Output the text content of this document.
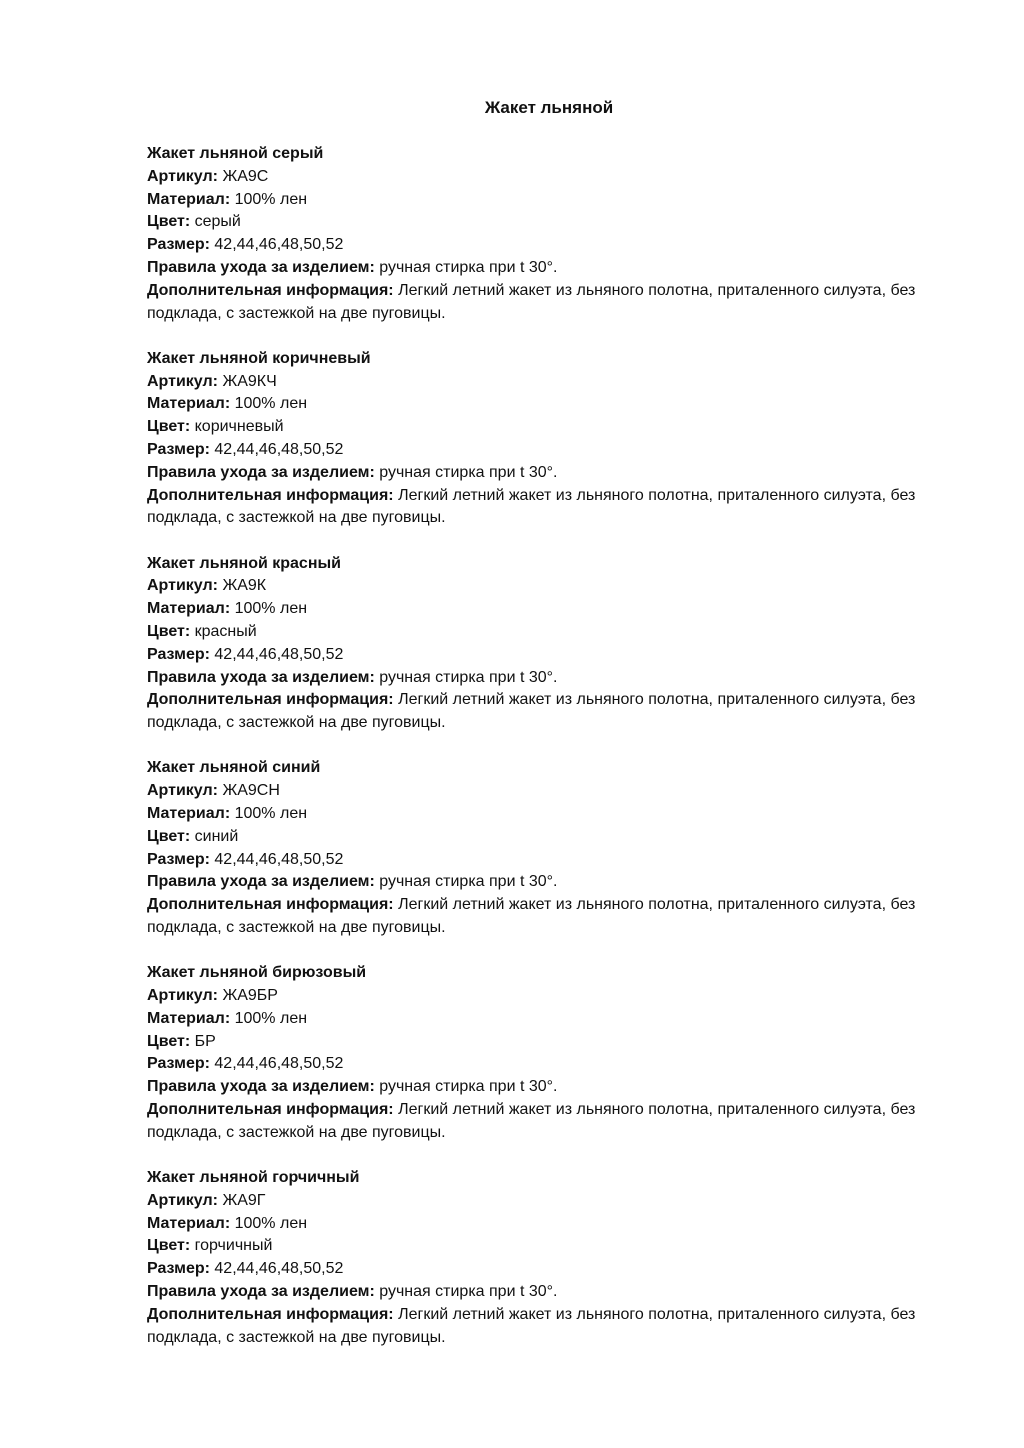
Жакет льняной

Жакет льняной серый

Артикул: ЖА9С

Материал: 100% лен

Цвет: серый

Размер: 42,44,46,48,50,52

Правила ухода за изделием: ручная стирка при t 30°.

Дополнительная информация: Легкий летний жакет из льняного полотна, приталенного силуэта, без подклада, с застежкой на две пуговицы.

Жакет льняной коричневый

Артикул: ЖА9КЧ

Материал: 100% лен

Цвет: коричневый

Размер: 42,44,46,48,50,52

Правила ухода за изделием: ручная стирка при t 30°.

Дополнительная информация: Легкий летний жакет из льняного полотна, приталенного силуэта, без подклада, с застежкой на две пуговицы.

Жакет льняной красный

Артикул: ЖА9К

Материал: 100% лен

Цвет: красный

Размер: 42,44,46,48,50,52

Правила ухода за изделием: ручная стирка при t 30°.

Дополнительная информация: Легкий летний жакет из льняного полотна, приталенного силуэта, без подклада, с застежкой на две пуговицы.

Жакет льняной синий

Артикул: ЖА9СН

Материал: 100% лен

Цвет: синий

Размер: 42,44,46,48,50,52

Правила ухода за изделием: ручная стирка при t 30°.

Дополнительная информация: Легкий летний жакет из льняного полотна, приталенного силуэта, без подклада, с застежкой на две пуговицы.

Жакет льняной бирюзовый

Артикул: ЖА9БР

Материал: 100% лен

Цвет: БР

Размер: 42,44,46,48,50,52

Правила ухода за изделием: ручная стирка при t 30°.

Дополнительная информация: Легкий летний жакет из льняного полотна, приталенного силуэта, без подклада, с застежкой на две пуговицы.

Жакет льняной горчичный

Артикул: ЖА9Г

Материал: 100% лен

Цвет: горчичный

Размер: 42,44,46,48,50,52

Правила ухода за изделием: ручная стирка при t 30°.

Дополнительная информация: Легкий летний жакет из льняного полотна, приталенного силуэта, без подклада, с застежкой на две пуговицы.
